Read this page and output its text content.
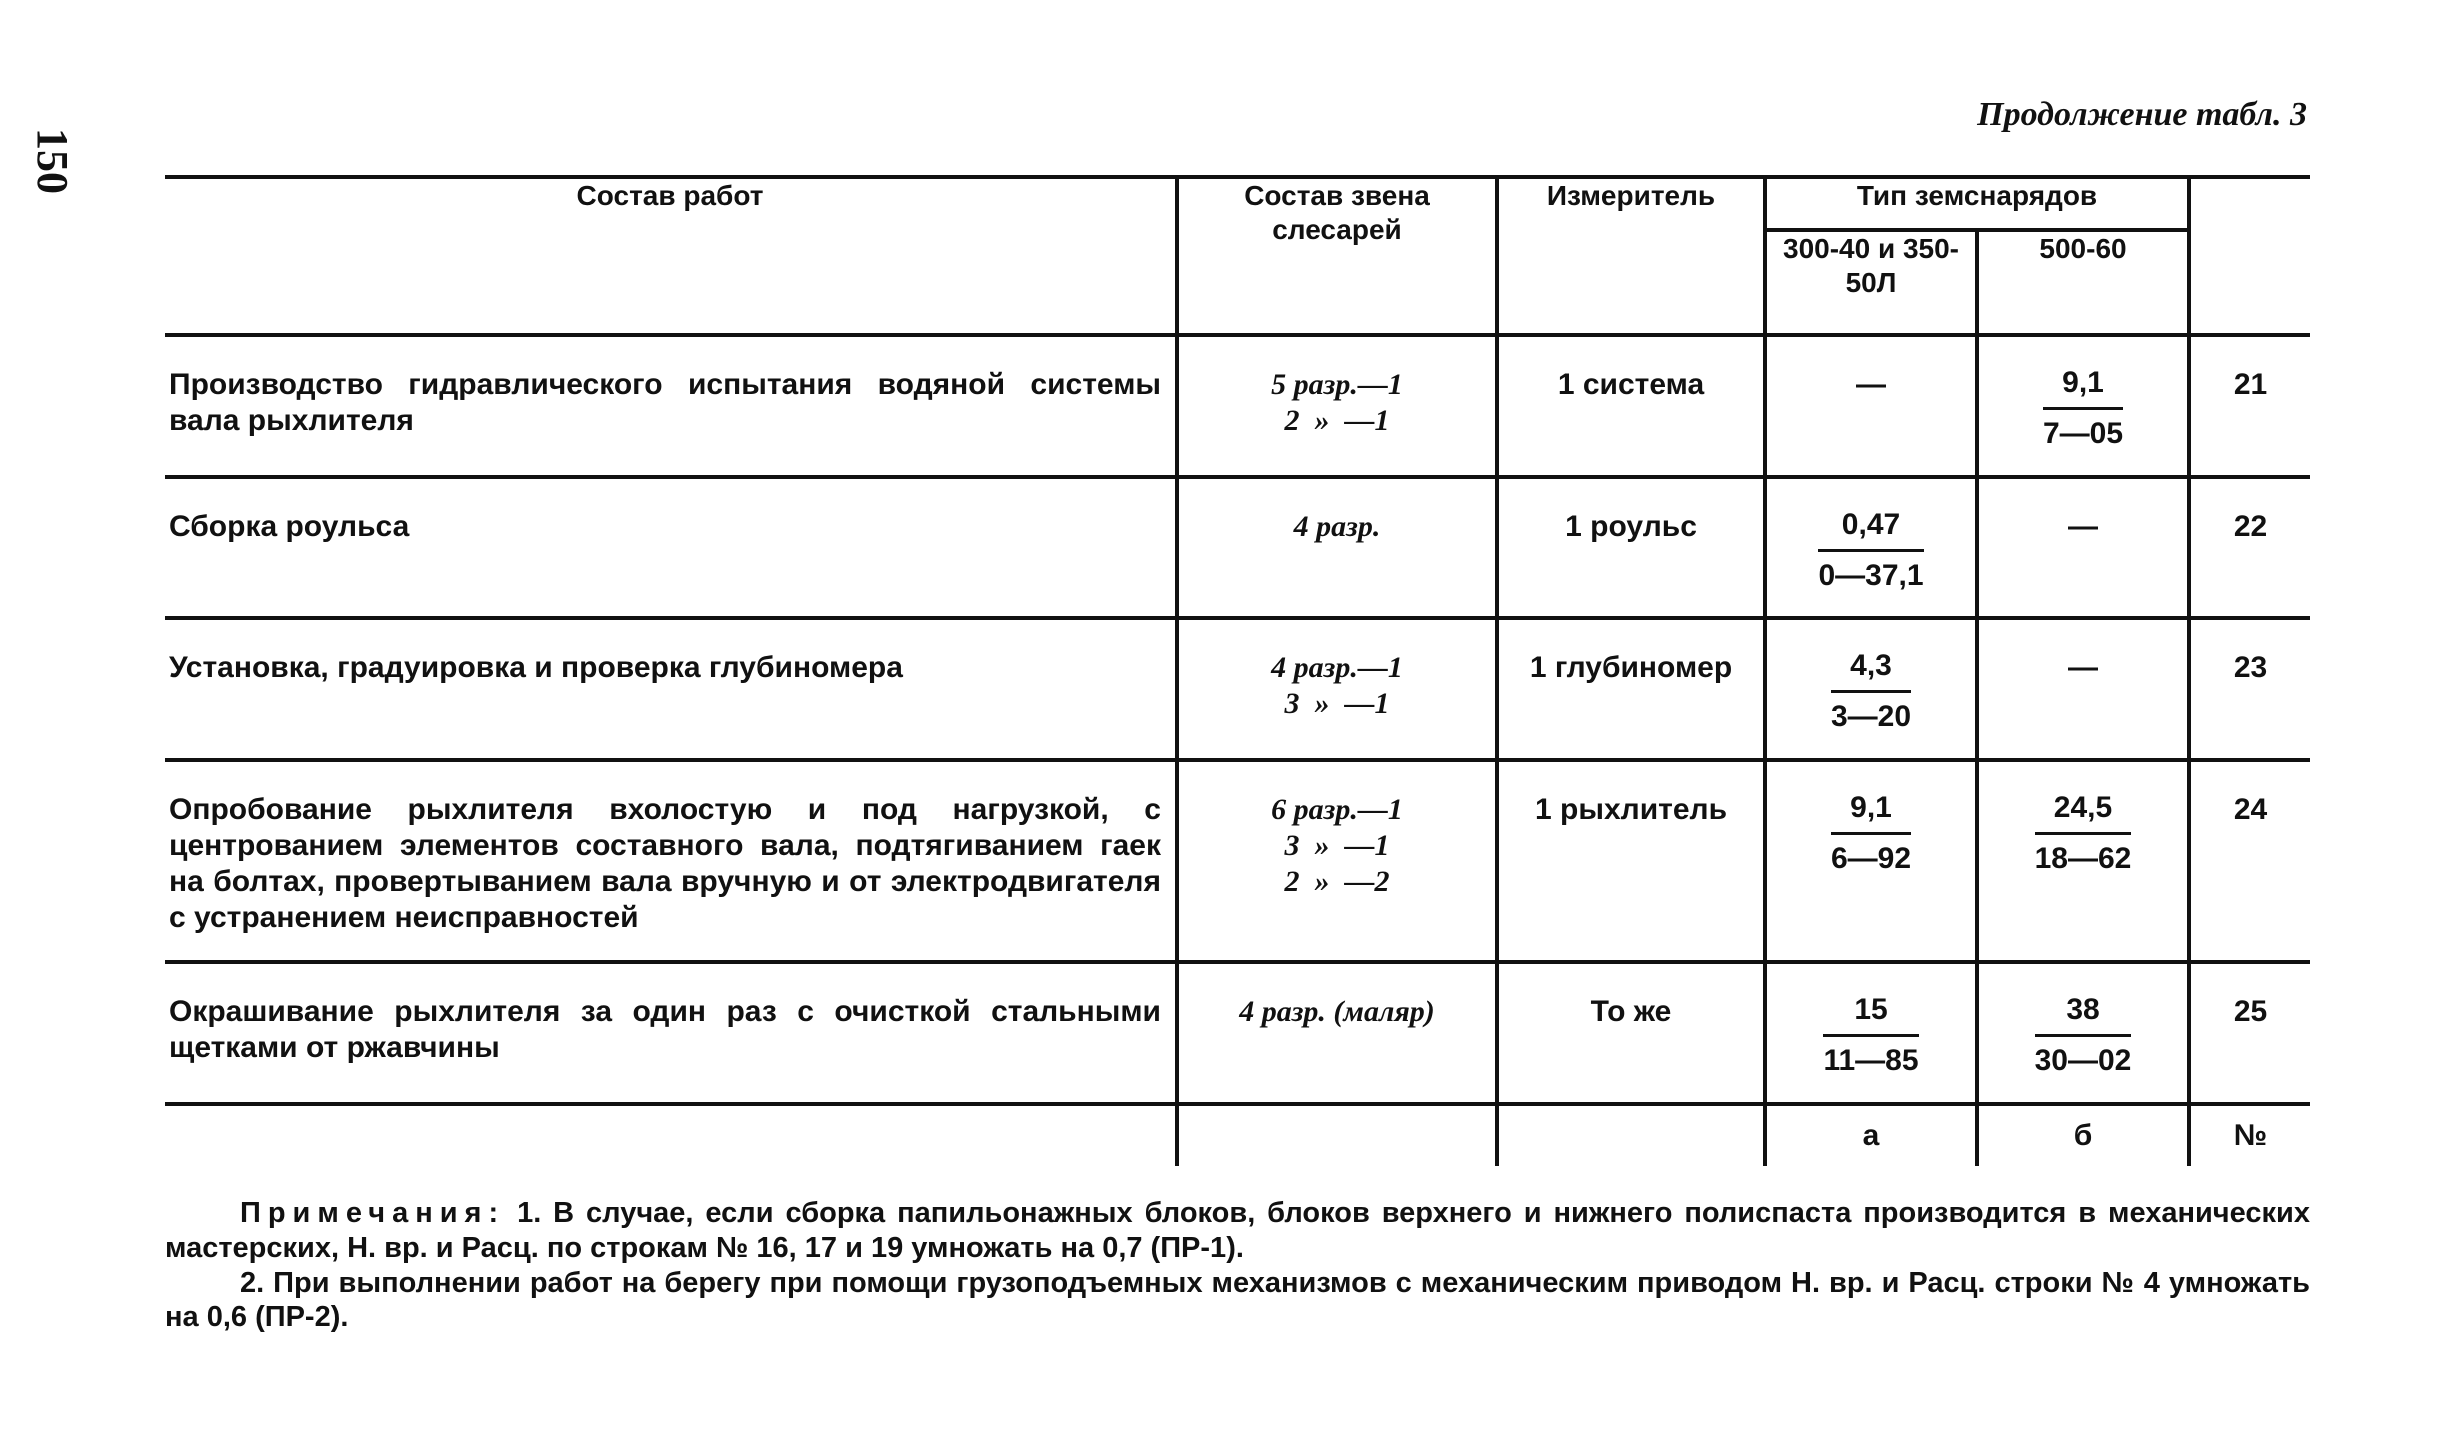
150
Продолжение табл. 3
Состав работ	Состав звена слесарей	Измеритель	Тип земснарядов		
			300-40 и 350-50Л	500-60	
Производство гидравлического испытания водяной системы вала рыхлителя	5 разр.—1
2  »  —1	1 система	—	$\frac{9,1}{7—05}$	21
Сборка роульса	4 разр.	1 роульс	$\frac{0,47}{0—37,1}$	—	22
Установка, градуировка и проверка глубиномера	4 разр.—1
3  »  —1	1 глубиномер	$\frac{4,3}{3—20}$	—	23
Опробование рыхлителя вхолостую и под нагрузкой, с центрованием элементов составного вала, подтягиванием гаек на болтах, провертыванием вала вручную и от электродвигателя с устранением неисправностей	6 разр.—1
3  »  —1
2  »  —2	1 рыхлитель	$\frac{9,1}{6—92}$	$\frac{24,5}{18—62}$	24
Окрашивание рыхлителя за один раз с очисткой стальными щетками от ржавчины	4 разр. (маляр)	То же	$\frac{15}{11—85}$	$\frac{38}{30—02}$	25
			а	б	№

Примечания: 1. В случае, если сборка папильонажных блоков, блоков верхнего и нижнего полиспаста производится в механических мастерских, Н. вр. и Расц. по строкам № 16, 17 и 19 умножать на 0,7 (ПР-1).

2. При выполнении работ на берегу при помощи грузоподъемных механизмов с механическим приводом Н. вр. и Расц. строки № 4 умножать на 0,6 (ПР-2).
